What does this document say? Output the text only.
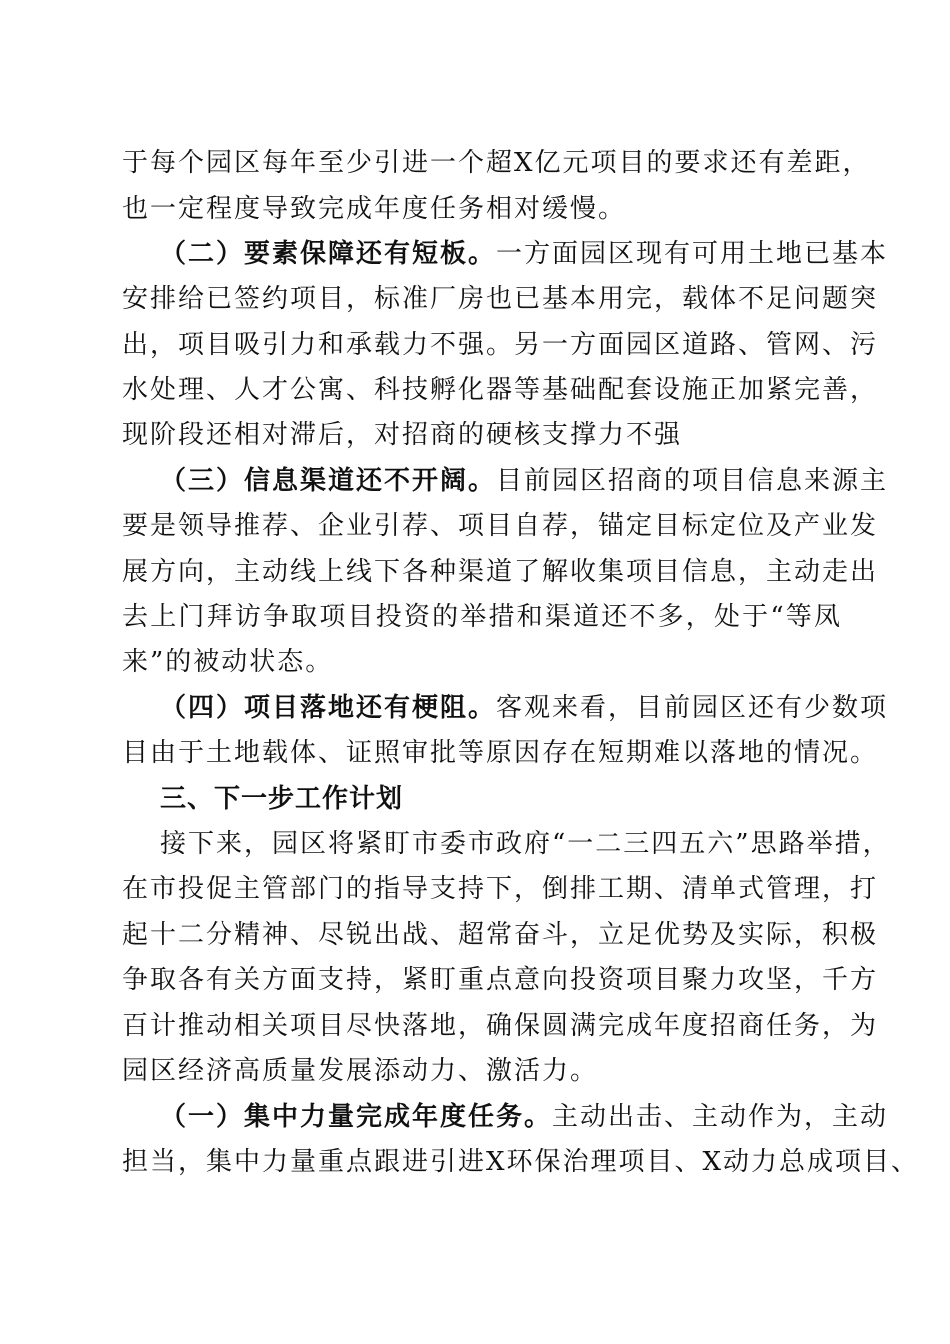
于每个园区每年至少引进一个超X亿元项目的要求还有差距，
也一定程度导致完成年度任务相对缓慢。
（二）要素保障还有短板。一方面园区现有可用土地已基本
安排给已签约项目，标准厂房也已基本用完，载体不足问题突
出，项目吸引力和承载力不强。另一方面园区道路、管网、污
水处理、人才公寓、科技孵化器等基础配套设施正加紧完善，
现阶段还相对滞后，对招商的硬核支撑力不强
（三）信息渠道还不开阔。目前园区招商的项目信息来源主
要是领导推荐、企业引荐、项目自荐，锚定目标定位及产业发
展方向，主动线上线下各种渠道了解收集项目信息，主动走出
去上门拜访争取项目投资的举措和渠道还不多，处于“等凤
来”的被动状态。
（四）项目落地还有梗阻。客观来看，目前园区还有少数项
目由于土地载体、证照审批等原因存在短期难以落地的情况。
三、下一步工作计划
接下来，园区将紧盯市委市政府“一二三四五六”思路举措，
在市投促主管部门的指导支持下，倒排工期、清单式管理，打
起十二分精神、尽锐出战、超常奋斗，立足优势及实际，积极
争取各有关方面支持，紧盯重点意向投资项目聚力攻坚，千方
百计推动相关项目尽快落地，确保圆满完成年度招商任务，为
园区经济高质量发展添动力、激活力。
（一）集中力量完成年度任务。主动出击、主动作为，主动
担当，集中力量重点跟进引进X环保治理项目、X动力总成项目、
